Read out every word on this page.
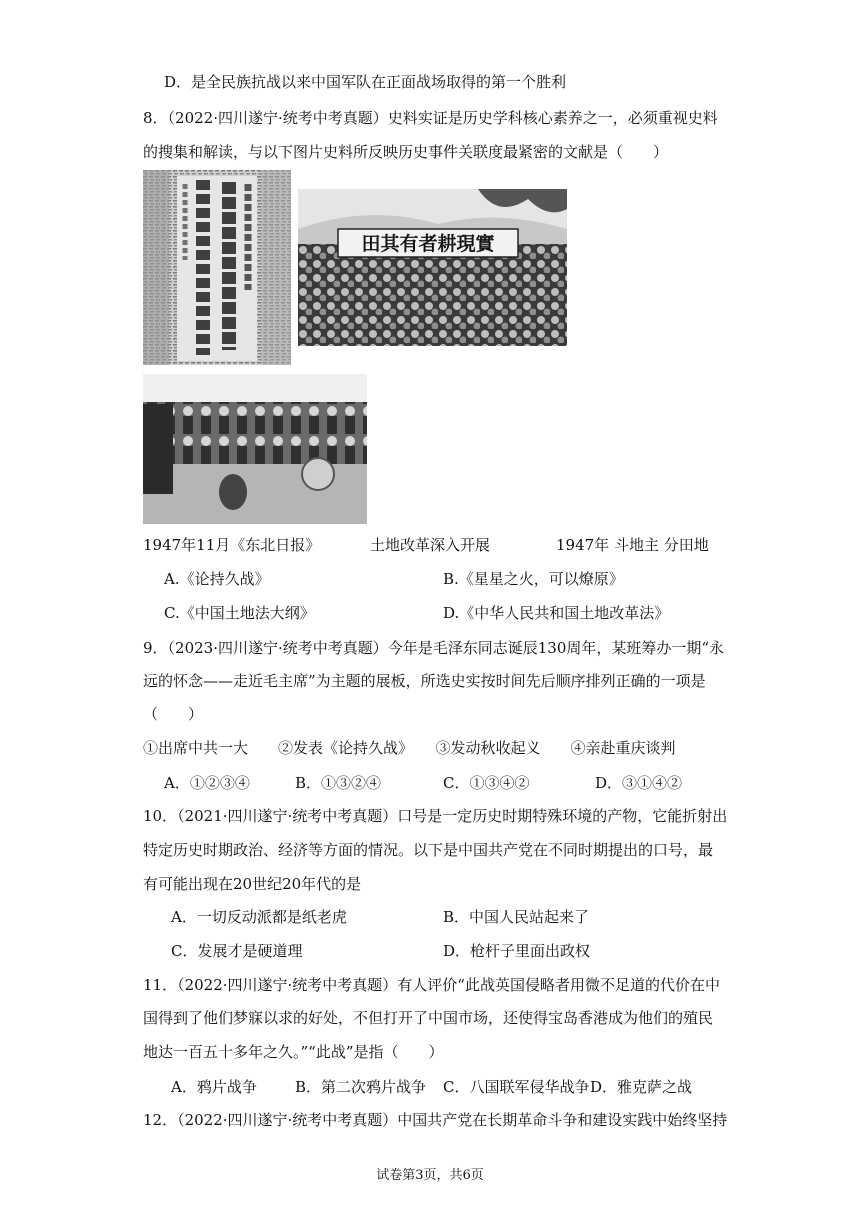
D．是全民族抗战以来中国军队在正面战场取得的第一个胜利
8．（2022·四川遂宁·统考中考真题）史料实证是历史学科核心素养之一，必须重视史料
的搜集和解读，与以下图片史料所反映历史事件关联度最紧密的文献是（　　）
田其有者耕現實
1947年11月《东北日报》	土地改革深入开展	1947年 斗地主 分田地
A.《论持久战》	B.《星星之火，可以燎原》
C.《中国土地法大纲》	D.《中华人民共和国土地改革法》
9．（2023·四川遂宁·统考中考真题）今年是毛泽东同志诞辰130周年，某班筹办一期“永
远的怀念——走近毛主席”为主题的展板，所选史实按时间先后顺序排列正确的一项是
（　　）
①出席中共一大　　②发表《论持久战》　　③发动秋收起义　　④亲赴重庆谈判
A．①②③④	B．①③②④	C．①③④②	D．③①④②
10．（2021·四川遂宁·统考中考真题）口号是一定历史时期特殊环境的产物，它能折射出
特定历史时期政治、经济等方面的情况。以下是中国共产党在不同时期提出的口号，最
有可能出现在20世纪20年代的是
A．一切反动派都是纸老虎	B．中国人民站起来了
C．发展才是硬道理	D．枪杆子里面出政权
11．（2022·四川遂宁·统考中考真题）有人评价“此战英国侵略者用微不足道的代价在中
国得到了他们梦寐以求的好处，不但打开了中国市场，还使得宝岛香港成为他们的殖民
地达一百五十多年之久。”“此战”是指（　　）
A．鸦片战争	B．第二次鸦片战争 C．八国联军侵华战争 D．雅克萨之战
12．（2022·四川遂宁·统考中考真题）中国共产党在长期革命斗争和建设实践中始终坚持
试卷第3页，共6页
